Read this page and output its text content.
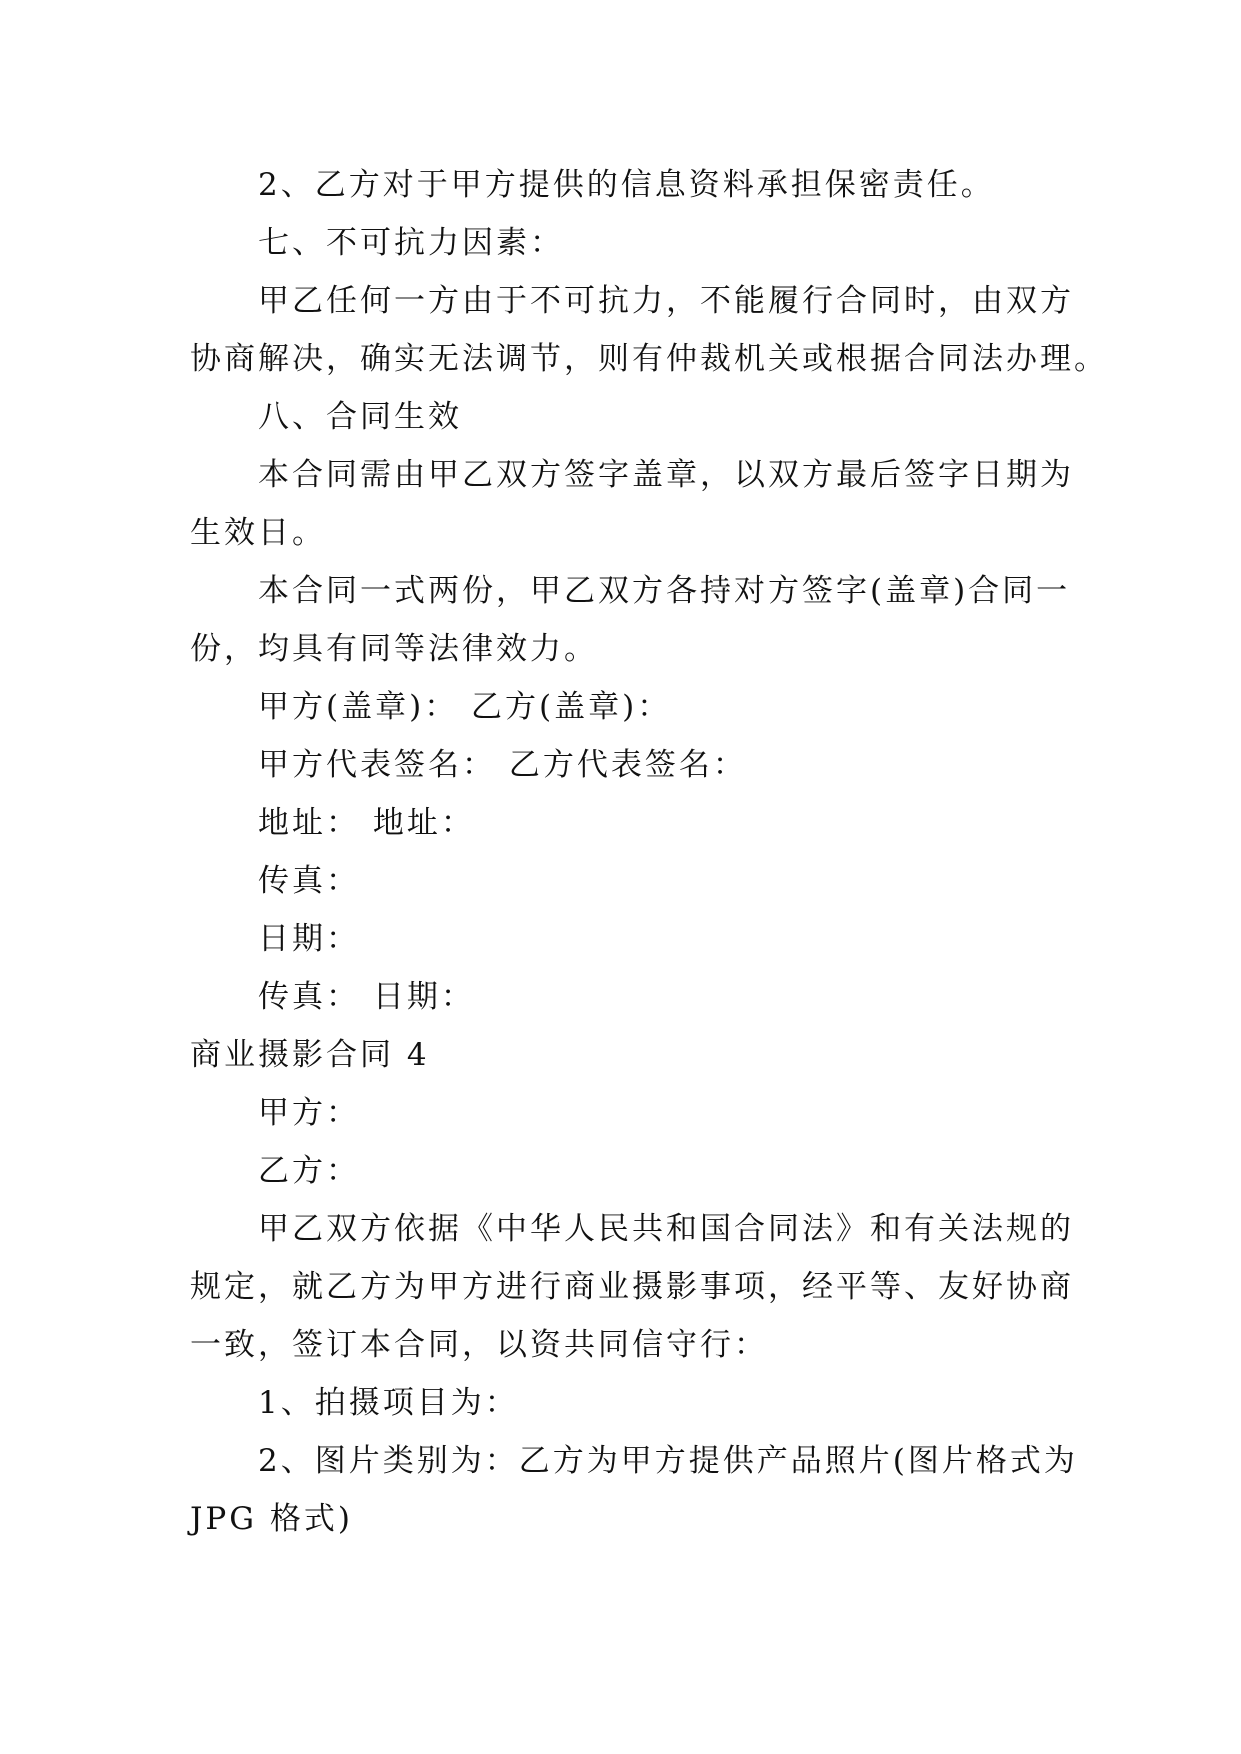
2、乙方对于甲方提供的信息资料承担保密责任。
七、不可抗力因素：
甲乙任何一方由于不可抗力，不能履行合同时，由双方
协商解决，确实无法调节，则有仲裁机关或根据合同法办理。
八、合同生效
本合同需由甲乙双方签字盖章，以双方最后签字日期为
生效日。
本合同一式两份，甲乙双方各持对方签字(盖章)合同一
份，均具有同等法律效力。
甲方(盖章)： 乙方(盖章)：
甲方代表签名： 乙方代表签名：
地址： 地址：
传真：
日期：
传真： 日期：
商业摄影合同 4
甲方：
乙方：
甲乙双方依据《中华人民共和国合同法》和有关法规的
规定，就乙方为甲方进行商业摄影事项，经平等、友好协商
一致，签订本合同，以资共同信守行：
1、拍摄项目为：
2、图片类别为：乙方为甲方提供产品照片(图片格式为
JPG 格式)
